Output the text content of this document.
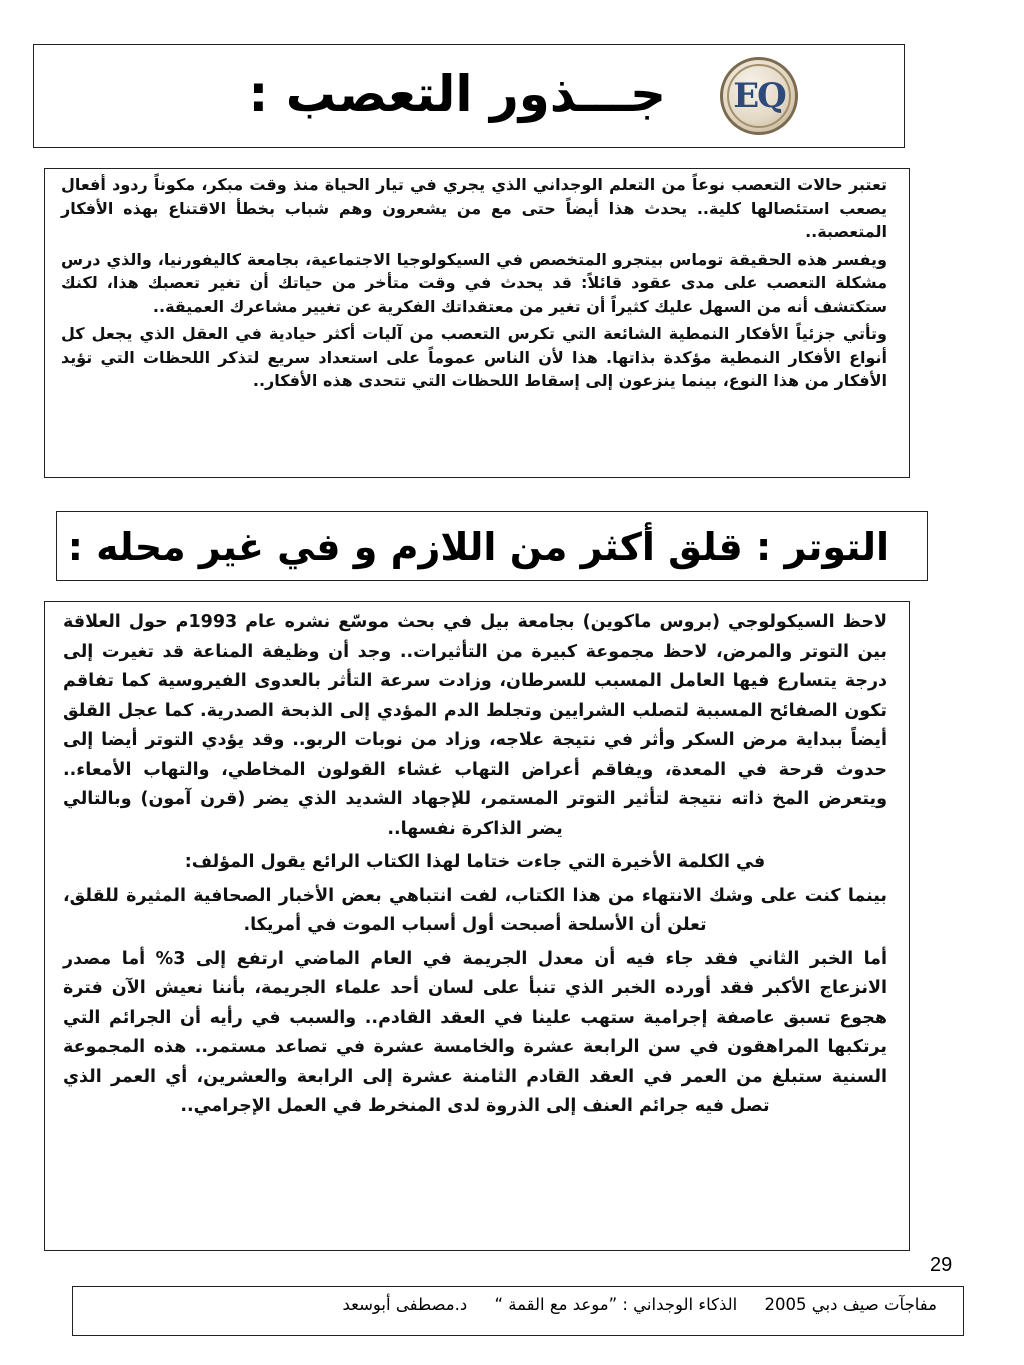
جـــذور التعصب :	EQ

تعتبر حالات التعصب نوعاً من التعلم الوجداني الذي يجري في تيار الحياة منذ وقت مبكر، مكوناً ردود أفعال يصعب استئصالها كلية.. يحدث هذا أيضاً حتى مع من يشعرون وهم شباب بخطأ الاقتناع بهذه الأفكار المتعصبة..

ويفسر هذه الحقيقة توماس بيتجرو المتخصص في السيكولوجيا الاجتماعية، بجامعة كاليفورنيا، والذي درس مشكلة التعصب على مدى عقود قائلاً: قد يحدث في وقت متأخر من حياتك أن تغير تعصبك هذا، لكنك ستكتشف أنه من السهل عليك كثيراً أن تغير من معتقداتك الفكرية عن تغيير مشاعرك العميقة..

وتأتي جزئياً الأفكار النمطية الشائعة التي تكرس التعصب من آليات أكثر حيادية في العقل الذي يجعل كل أنواع الأفكار النمطية مؤكدة بذاتها. هذا لأن الناس عموماً على استعداد سريع لتذكر اللحظات التي تؤيد الأفكار من هذا النوع، بينما ينزعون إلى إسقاط اللحظات التي تتحدى هذه الأفكار..

التوتر : قلق أكثر من اللازم و في غير محله :

لاحظ السيكولوجي (بروس ماكوين) بجامعة بيل في بحث موسّع نشره عام 1993م حول العلاقة بين التوتر والمرض، لاحظ مجموعة كبيرة من التأثيرات.. وجد أن وظيفة المناعة قد تغيرت إلى درجة يتسارع فيها العامل المسبب للسرطان، وزادت سرعة التأثر بالعدوى الفيروسية كما تفاقم تكون الصفائح المسببة لتصلب الشرايين وتجلط الدم المؤدي إلى الذبحة الصدرية. كما عجل القلق أيضاً ببداية مرض السكر وأثر في نتيجة علاجه، وزاد من نوبات الربو.. وقد يؤدي التوتر أيضا إلى حدوث قرحة في المعدة، ويفاقم أعراض التهاب غشاء القولون المخاطي، والتهاب الأمعاء.. ويتعرض المخ ذاته نتيجة لتأثير التوتر المستمر، للإجهاد الشديد الذي يضر (قرن آمون) وبالتالي يضر الذاكرة نفسها..

في الكلمة الأخيرة التي جاءت ختاما لهذا الكتاب الرائع يقول المؤلف:

بينما كنت على وشك الانتهاء من هذا الكتاب، لفت انتباهي بعض الأخبار الصحافية المثيرة للقلق، تعلن أن الأسلحة أصبحت أول أسباب الموت في أمريكا.

أما الخبر الثاني فقد جاء فيه أن معدل الجريمة في العام الماضي ارتفع إلى 3% أما مصدر الانزعاج الأكبر فقد أورده الخبر الذي تنبأ على لسان أحد علماء الجريمة، بأننا نعيش الآن فترة هجوع تسبق عاصفة إجرامية ستهب علينا في العقد القادم.. والسبب في رأيه أن الجرائم التي يرتكبها المراهقون في سن الرابعة عشرة والخامسة عشرة في تصاعد مستمر.. هذه المجموعة السنية ستبلغ من العمر في العقد القادم الثامنة عشرة إلى الرابعة والعشرين، أي العمر الذي تصل فيه جرائم العنف إلى الذروة لدى المنخرط في العمل الإجرامي..

29
مفاجآت صيف دبي 2005 الذكاء الوجداني : ”موعد مع القمة “ د.مصطفى أبوسعد
